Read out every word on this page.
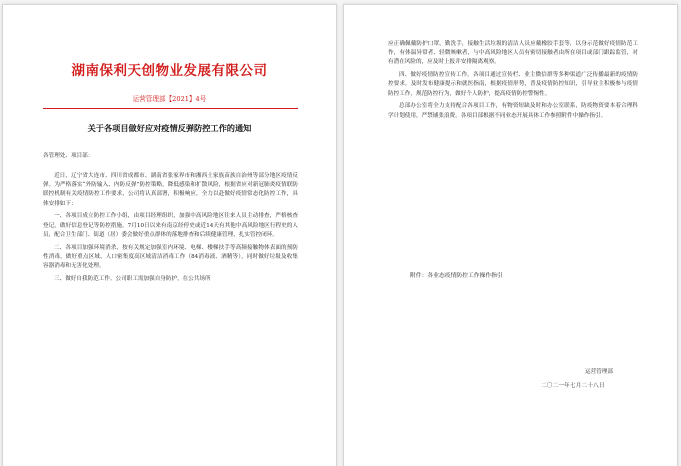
湖南保利天创物业发展有限公司
运营管理部【2021】4号
关于各项目做好应对疫情反弹防控工作的通知
各管理处、项目部：

近日，辽宁省大连市、四川省成都市、湖南省张家界市和湘西土家族苗族自治州等部分地区疫情反弹。为严格落实“外防输入、内防反弹”防控策略，降低感染和扩散风险，根据省应对新冠肺炎疫情联防联控机制有关疫情防控工作要求，公司将认真部署，积极响应，全力以赴做好疫情常态化防控工作，具体安排如下：

一、各项目成立防控工作小组，由项目经理组织，加强中高风险地区往来人员主动排查，严格核查登记，做好信息登记等防控措施。7月10日以来有南京经停史或近14天有其他中高风险地区行程史的人员，配合卫生部门、街道（居）委会做好重点群体的落地排查和后续健康管理，扎实管控闭环。

二、各项目加强环境消杀，按有关规定加强室内环境、电梯、楼梯扶手等高频接触物体表面的预防性消毒，做好重点区域、人口密集度高区域清洁消毒工作（84消毒液、酒精等），同时做好垃圾及收集容器消毒和无害化处理。

三、做好自我防范工作。公司职工需加强自身防护，在公共场所

应正确佩戴防护口罩，勤洗手，接触生活垃圾的清洁人员应戴橡胶手套等，以身示范做好疫情防范工作，有体温异常者、轻微咳嗽者，与中高风险地区人员有密切接触者由所在项目或部门跟踪监管，对有潜在风险的，应及时上报并安排隔离观察。

四、做好疫情防控宣传工作。各项目通过宣传栏、业主微信群等多种渠道广泛传播最新的疫情防控要求，及时发布健康提示和就医指南，根据疫情形势，普及疫情防控知识，引导业主积极参与疫情防控工作，规范防控行为，做好个人防护，提高疫情防控警惕性。

总部办公室将全力支持配合各项目工作，有物资短缺及时和办公室联系，防疫物资要本着合理科学计划使用，严禁铺张浪费。各项目部根据不同业态开展具体工作参照附件中操作指引。

附件：各业态疫情防控工作操作指引
运营管理部
二〇二一年七月二十八日
